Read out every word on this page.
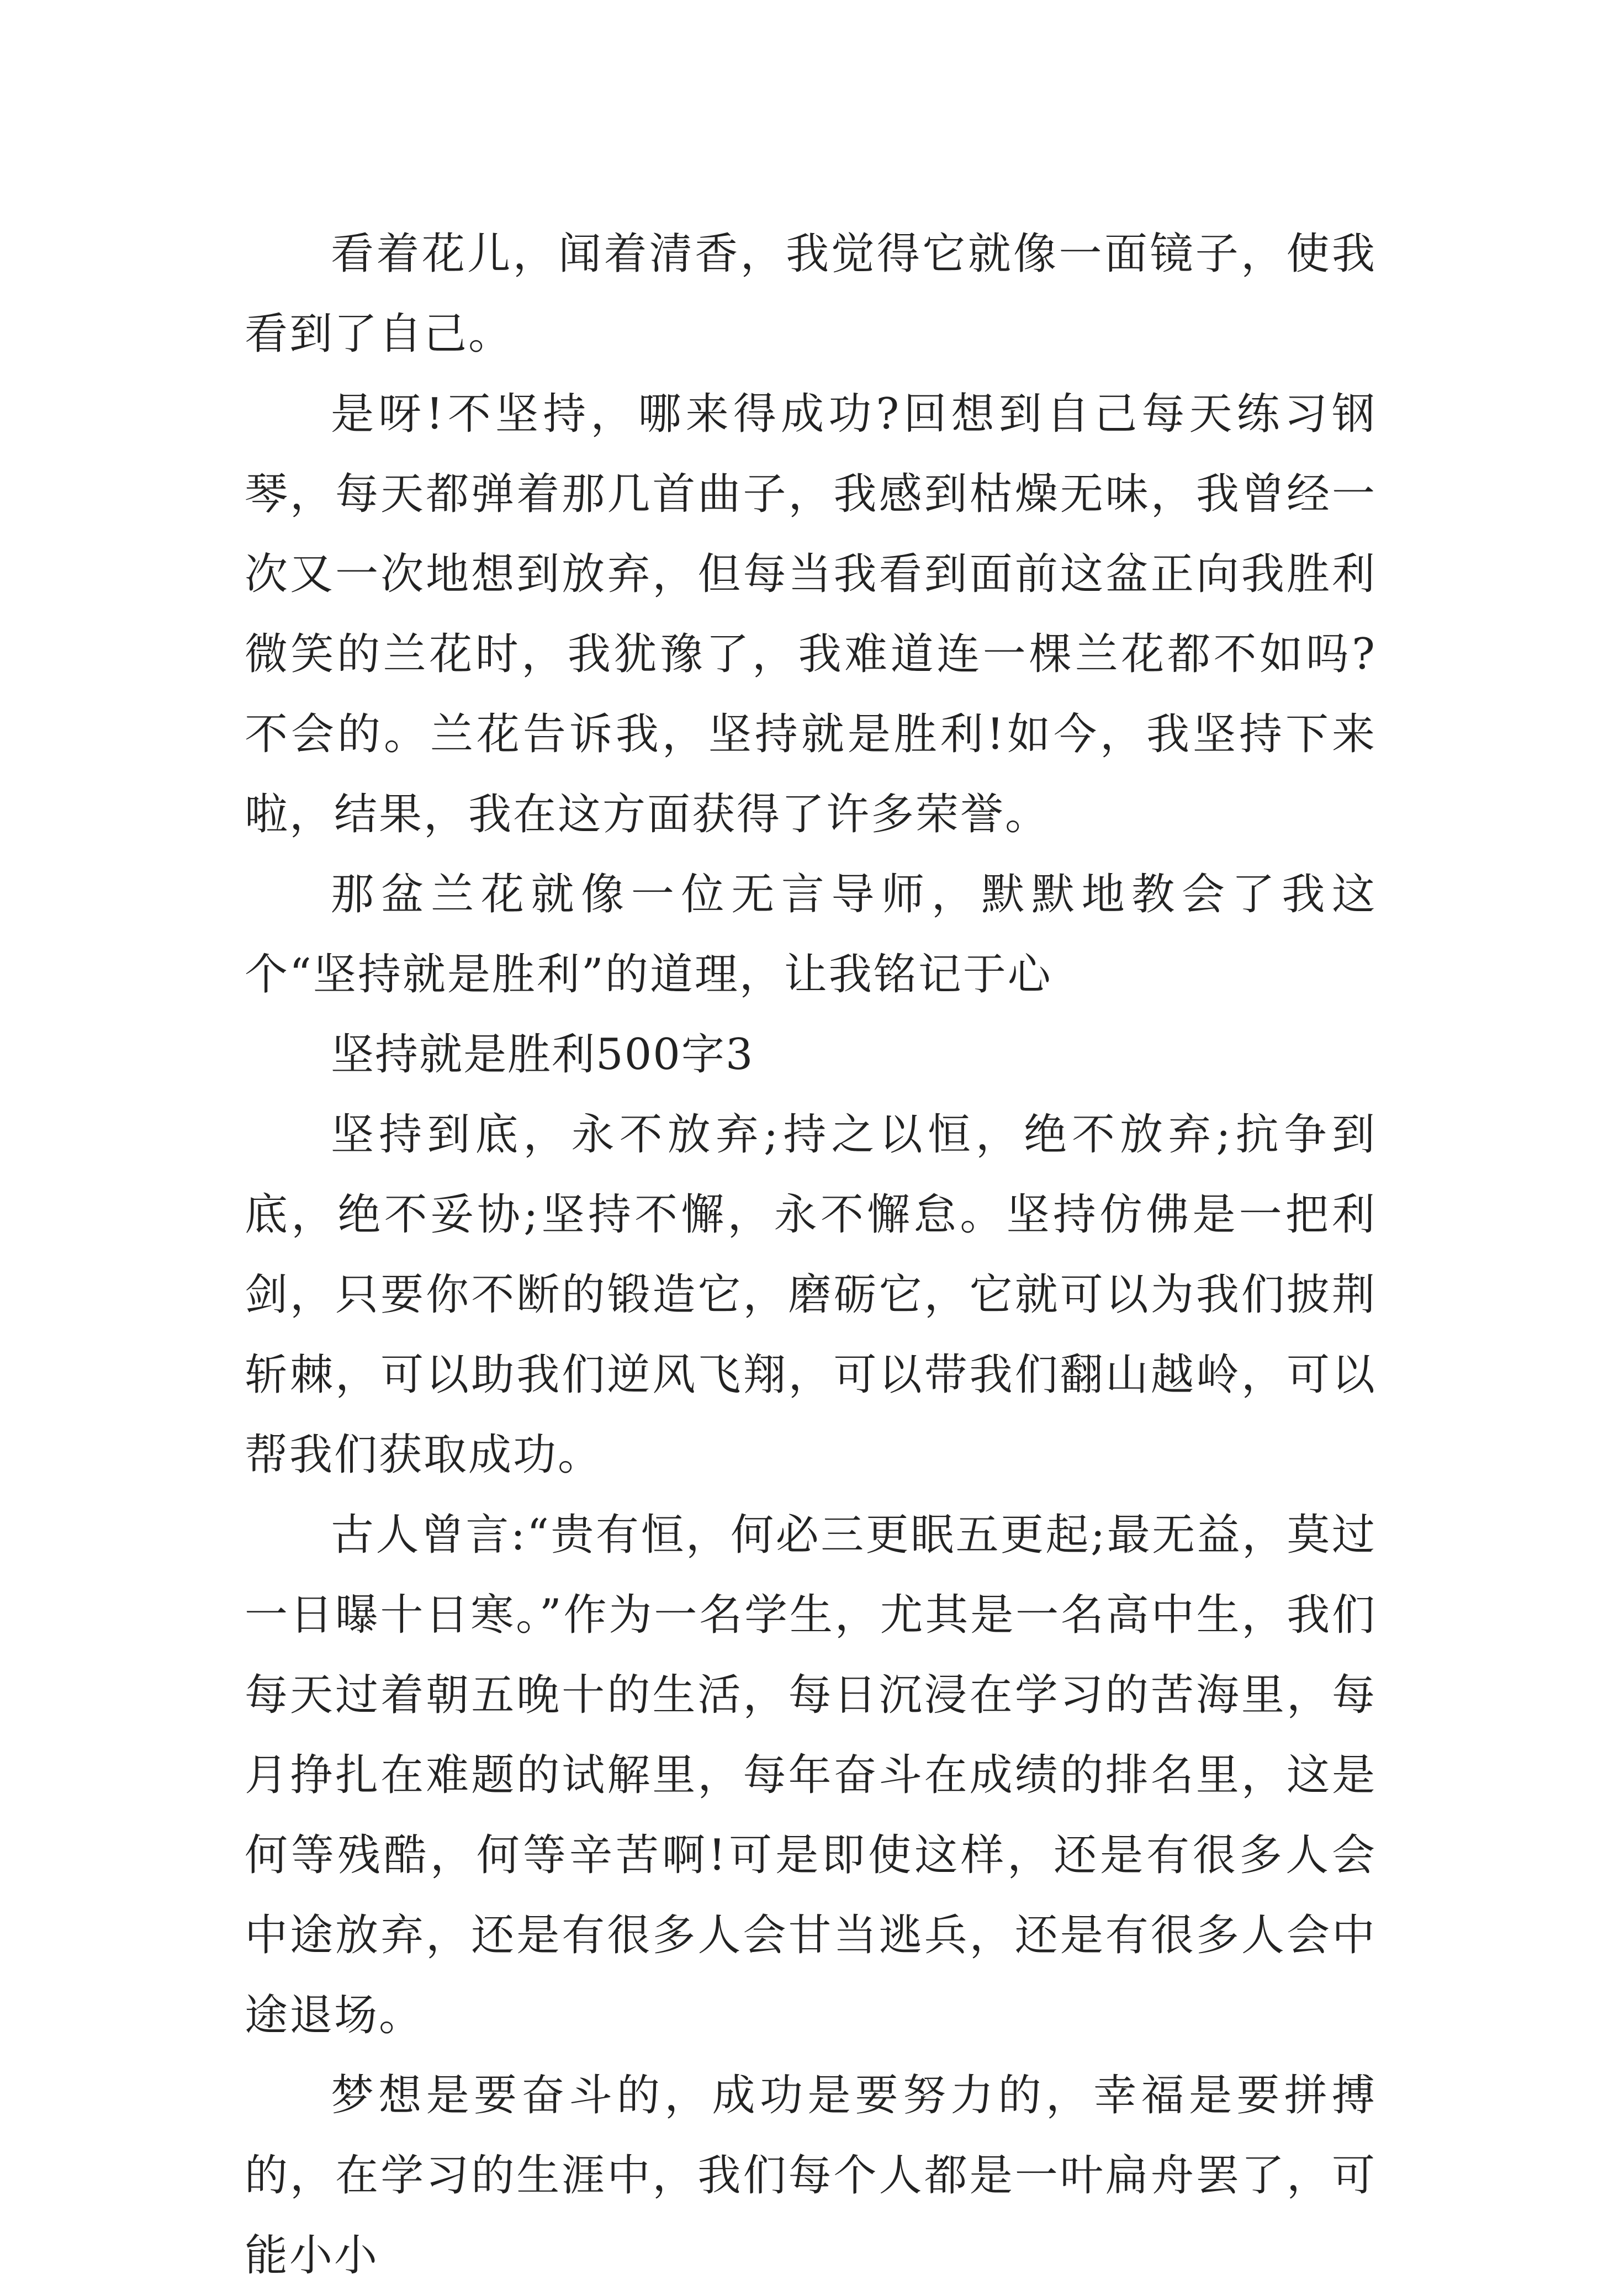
看着花儿，闻着清香，我觉得它就像一面镜子，使我看到了自己。

是呀!不坚持，哪来得成功?回想到自己每天练习钢琴，每天都弹着那几首曲子，我感到枯燥无味，我曾经一次又一次地想到放弃，但每当我看到面前这盆正向我胜利微笑的兰花时，我犹豫了，我难道连一棵兰花都不如吗?不会的。兰花告诉我，坚持就是胜利!如今，我坚持下来啦，结果，我在这方面获得了许多荣誉。

那盆兰花就像一位无言导师，默默地教会了我这个“坚持就是胜利”的道理，让我铭记于心

坚持就是胜利500字3

坚持到底，永不放弃;持之以恒，绝不放弃;抗争到底，绝不妥协;坚持不懈，永不懈怠。坚持仿佛是一把利剑，只要你不断的锻造它，磨砺它，它就可以为我们披荆斩棘，可以助我们逆风飞翔，可以带我们翻山越岭，可以帮我们获取成功。

古人曾言:“贵有恒，何必三更眠五更起;最无益，莫过一日曝十日寒。”作为一名学生，尤其是一名高中生，我们每天过着朝五晚十的生活，每日沉浸在学习的苦海里，每月挣扎在难题的试解里，每年奋斗在成绩的排名里，这是何等残酷，何等辛苦啊!可是即使这样，还是有很多人会中途放弃，还是有很多人会甘当逃兵，还是有很多人会中途退场。

梦想是要奋斗的，成功是要努力的，幸福是要拼搏的，在学习的生涯中，我们每个人都是一叶扁舟罢了，可能小小
